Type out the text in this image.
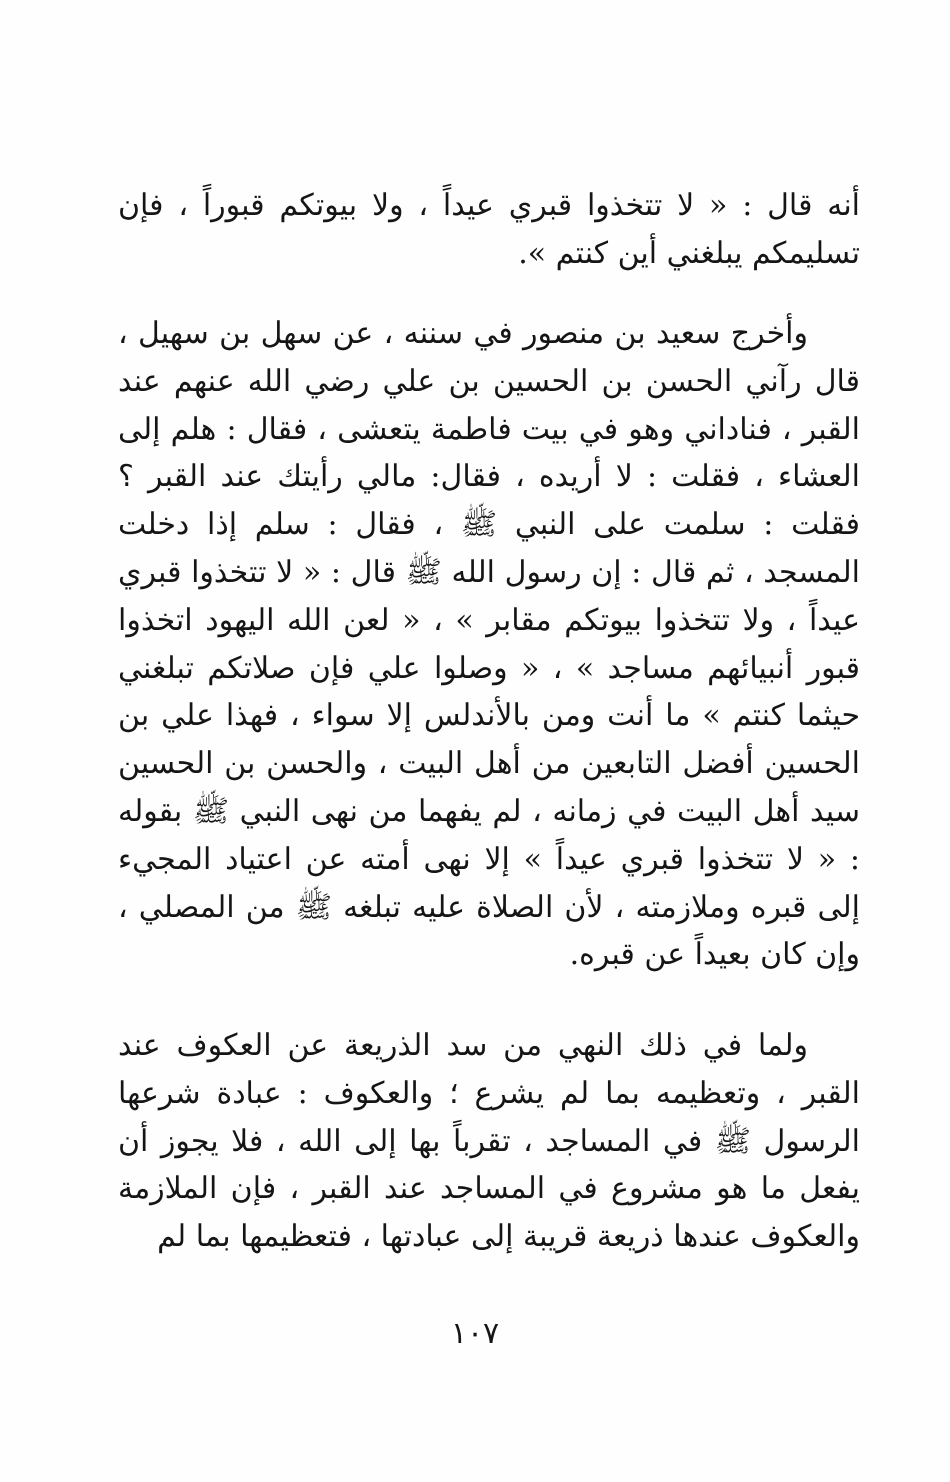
أنه قال : « لا تتخذوا قبري عيداً ، ولا بيوتكم قبوراً ، فإن تسليمكم يبلغني أين كنتم ».

وأخرج سعيد بن منصور في سننه ، عن سهل بن سهيل ، قال رآني الحسن بن الحسين بن علي رضي الله عنهم عند القبر ، فناداني وهو في بيت فاطمة يتعشى ، فقال : هلم إلى العشاء ، فقلت : لا أريده ، فقال: مالي رأيتك عند القبر ؟ فقلت : سلمت على النبي ﷺ ، فقال : سلم إذا دخلت المسجد ، ثم قال : إن رسول الله ﷺ قال : « لا تتخذوا قبري عيداً ، ولا تتخذوا بيوتكم مقابر » ، « لعن الله اليهود اتخذوا قبور أنبيائهم مساجد » ، « وصلوا علي فإن صلاتكم تبلغني حيثما كنتم » ما أنت ومن بالأندلس إلا سواء ، فهذا علي بن الحسين أفضل التابعين من أهل البيت ، والحسن بن الحسين سيد أهل البيت في زمانه ، لم يفهما من نهى النبي ﷺ بقوله : « لا تتخذوا قبري عيداً » إلا نهى أمته عن اعتياد المجيء إلى قبره وملازمته ، لأن الصلاة عليه تبلغه ﷺ من المصلي ، وإن كان بعيداً عن قبره.

ولما في ذلك النهي من سد الذريعة عن العكوف عند القبر ، وتعظيمه بما لم يشرع ؛ والعكوف : عبادة شرعها الرسول ﷺ في المساجد ، تقرباً بها إلى الله ، فلا يجوز أن يفعل ما هو مشروع في المساجد عند القبر ، فإن الملازمة والعكوف عندها ذريعة قريبة إلى عبادتها ، فتعظيمها بما لم

١٠٧
